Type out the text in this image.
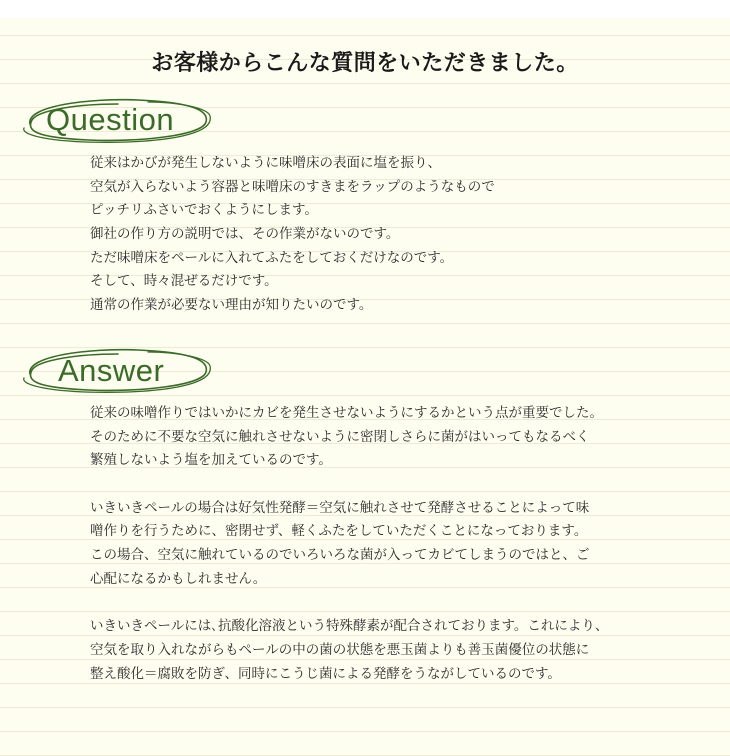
お客様からこんな質問をいただきました。
Question
従来はかびが発生しないように味噌床の表面に塩を振り、
空気が入らないよう容器と味噌床のすきまをラップのようなもので
ピッチリふさいでおくようにします。
御社の作り方の説明では、その作業がないのです。
ただ味噌床をペールに入れてふたをしておくだけなのです。
そして、時々混ぜるだけです。
通常の作業が必要ない理由が知りたいのです。
Answer
従来の味噌作りではいかにカビを発生させないようにするかという点が重要でした。
そのために不要な空気に触れさせないように密閉しさらに菌がはいってもなるべく
繁殖しないよう塩を加えているのです。
いきいきペールの場合は好気性発酵＝空気に触れさせて発酵させることによって味
噌作りを行うために、密閉せず、軽くふたをしていただくことになっております。
この場合、空気に触れているのでいろいろな菌が入ってカビてしまうのではと、ご
心配になるかもしれません。
いきいきペールには､抗酸化溶液という特殊酵素が配合されております。これにより、
空気を取り入れながらもペールの中の菌の状態を悪玉菌よりも善玉菌優位の状態に
整え酸化＝腐敗を防ぎ、同時にこうじ菌による発酵をうながしているのです。
